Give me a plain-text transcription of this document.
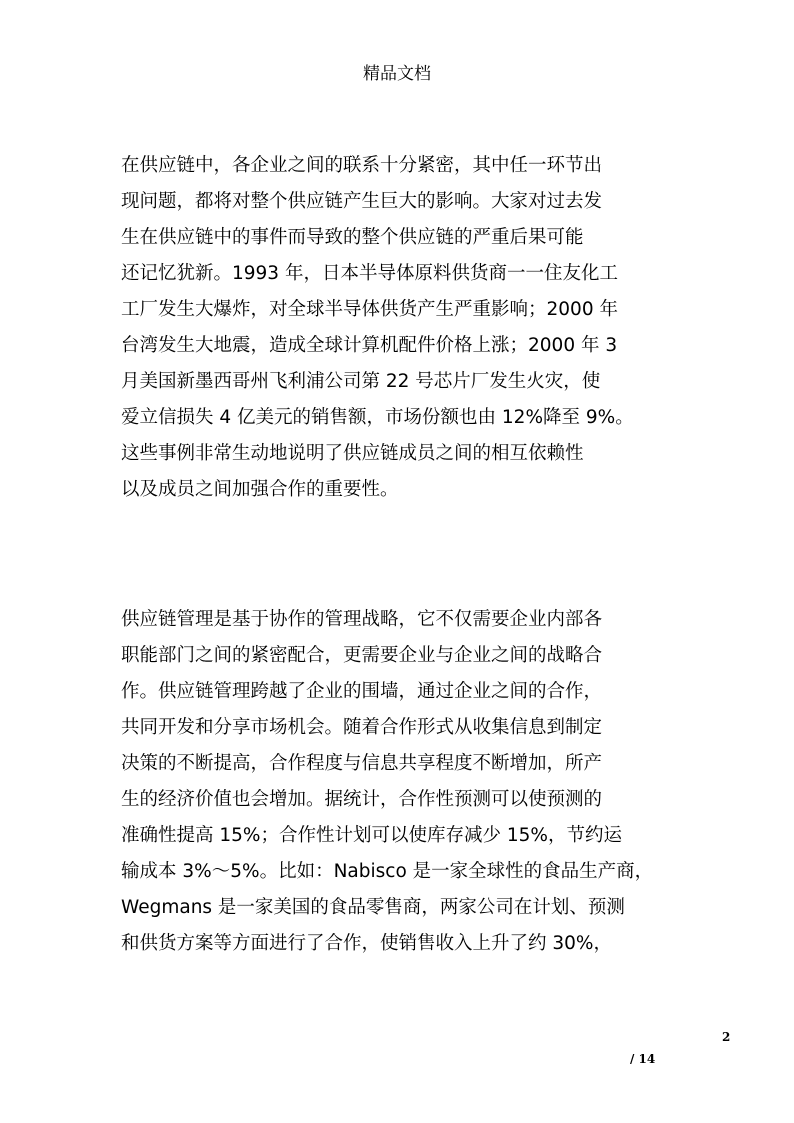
精品文档
在供应链中，各企业之间的联系十分紧密，其中任一环节出
现问题，都将对整个供应链产生巨大的影响。大家对过去发
生在供应链中的事件而导致的整个供应链的严重后果可能
还记忆犹新。1993 年，日本半导体原料供货商一一住友化工
工厂发生大爆炸，对全球半导体供货产生严重影响；2000 年
台湾发生大地震，造成全球计算机配件价格上涨；2000 年 3
月美国新墨西哥州飞利浦公司第 22 号芯片厂发生火灾，使
爱立信损失 4 亿美元的销售额，市场份额也由 12%降至 9%。
这些事例非常生动地说明了供应链成员之间的相互依赖性
以及成员之间加强合作的重要性。
供应链管理是基于协作的管理战略，它不仅需要企业内部各
职能部门之间的紧密配合，更需要企业与企业之间的战略合
作。供应链管理跨越了企业的围墙，通过企业之间的合作，
共同开发和分享市场机会。随着合作形式从收集信息到制定
决策的不断提高，合作程度与信息共享程度不断增加，所产
生的经济价值也会增加。据统计，合作性预测可以使预测的
准确性提高 15%；合作性计划可以使库存减少 15%，节约运
输成本 3%～5%。比如：Nabisco 是一家全球性的食品生产商，
Wegmans 是一家美国的食品零售商，两家公司在计划、预测
和供货方案等方面进行了合作，使销售收入上升了约 30%，
2
/ 14
